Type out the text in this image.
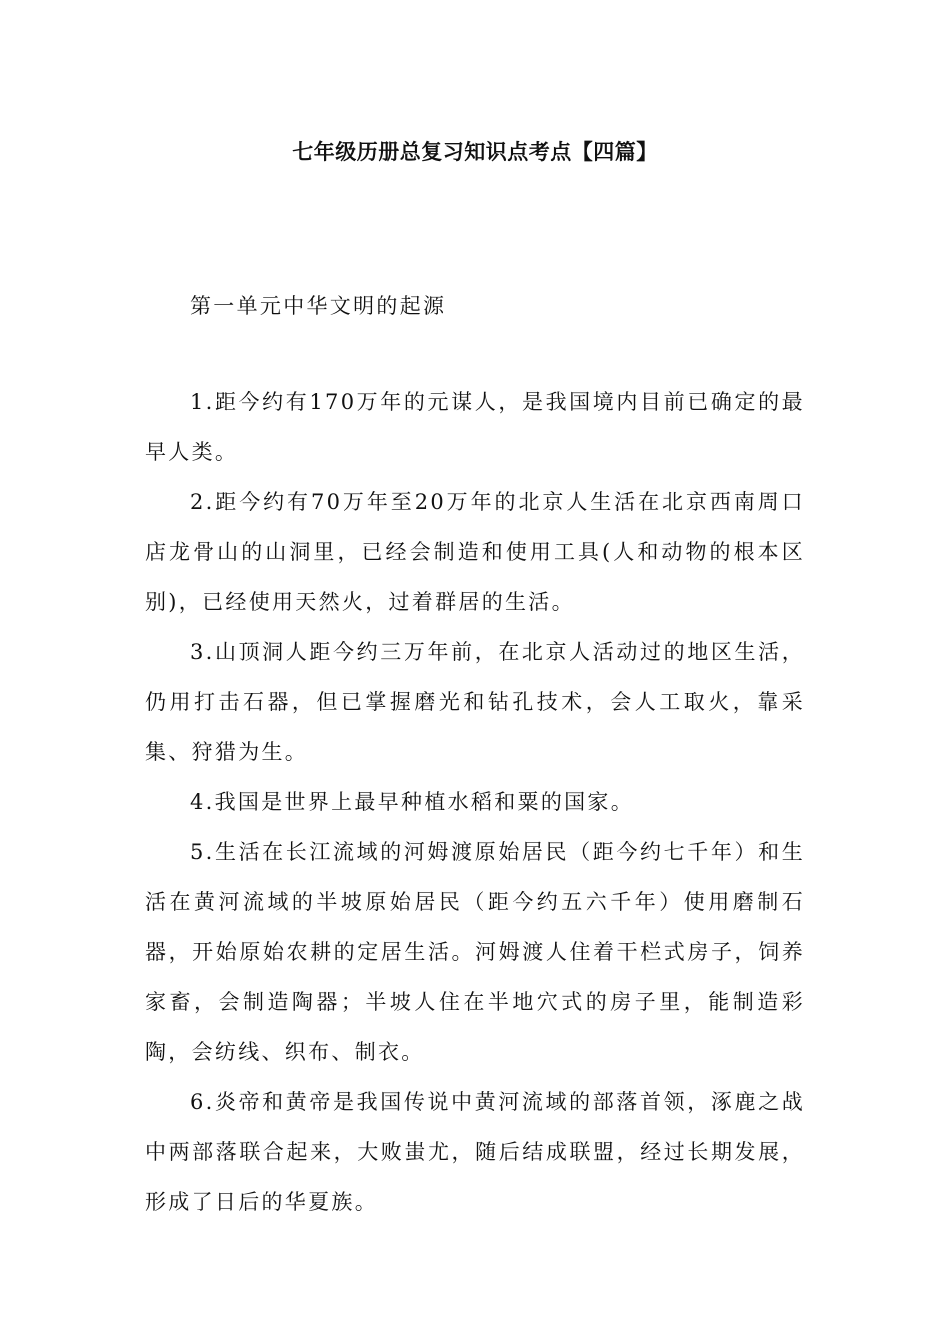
七年级历册总复习知识点考点【四篇】
第一单元中华文明的起源

1.距今约有170万年的元谋人，是我国境内目前已确定的最早人类。

2.距今约有70万年至20万年的北京人生活在北京西南周口店龙骨山的山洞里，已经会制造和使用工具(人和动物的根本区别)，已经使用天然火，过着群居的生活。

3.山顶洞人距今约三万年前，在北京人活动过的地区生活，仍用打击石器，但已掌握磨光和钻孔技术，会人工取火，靠采集、狩猎为生。

4.我国是世界上最早种植水稻和粟的国家。

5.生活在长江流域的河姆渡原始居民（距今约七千年）和生活在黄河流域的半坡原始居民（距今约五六千年）使用磨制石器，开始原始农耕的定居生活。河姆渡人住着干栏式房子，饲养家畜，会制造陶器；半坡人住在半地穴式的房子里，能制造彩陶，会纺线、织布、制衣。

6.炎帝和黄帝是我国传说中黄河流域的部落首领，涿鹿之战中两部落联合起来，大败蚩尤，随后结成联盟，经过长期发展，形成了日后的华夏族。
